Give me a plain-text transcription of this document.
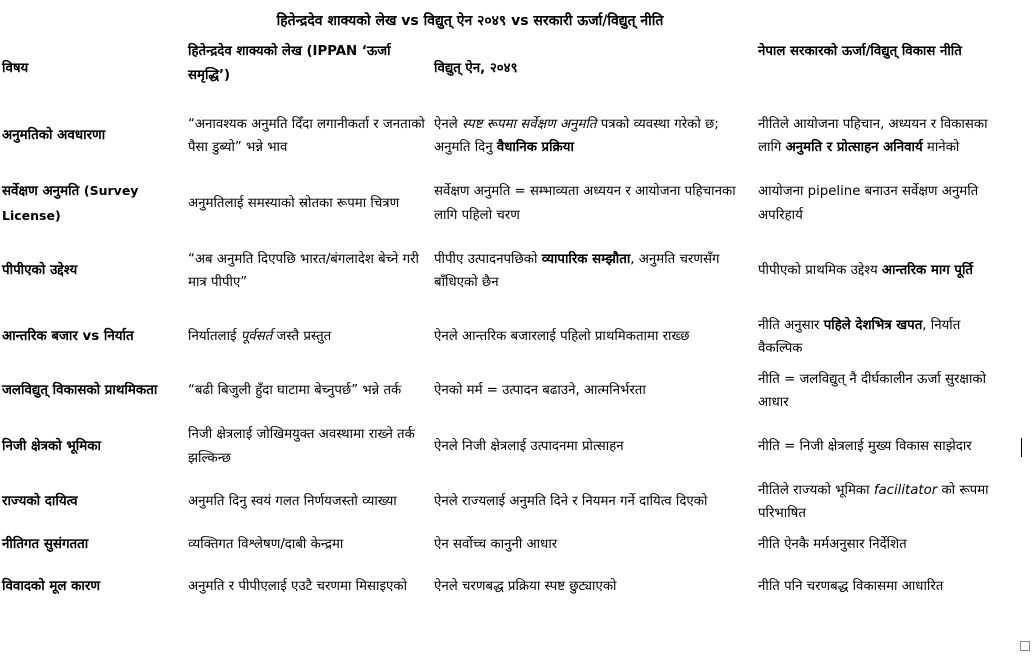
हितेन्द्रदेव शाक्यको लेख vs विद्युत् ऐन २०४९ vs सरकारी ऊर्जा/विद्युत् नीति
विषय	हितेन्द्रदेव शाक्यको लेख (IPPAN ‘ऊर्जा समृद्धि’)	विद्युत् ऐन, २०४९	नेपाल सरकारको ऊर्जा/विद्युत् विकास नीति
अनुमतिको अवधारणा	“अनावश्यक अनुमति दिँदा लगानीकर्ता र जनताको पैसा डुब्यो” भन्ने भाव	ऐनले स्पष्ट रूपमा सर्वेक्षण अनुमति पत्रको व्यवस्था गरेको छ; अनुमति दिनु वैधानिक प्रक्रिया	नीतिले आयोजना पहिचान, अध्ययन र विकासका लागि अनुमति र प्रोत्साहन अनिवार्य मानेको
सर्वेक्षण अनुमति (Survey License)	अनुमतिलाई समस्याको स्रोतका रूपमा चित्रण	सर्वेक्षण अनुमति = सम्भाव्यता अध्ययन र आयोजना पहिचानका लागि पहिलो चरण	आयोजना pipeline बनाउन सर्वेक्षण अनुमति अपरिहार्य
पीपीएको उद्देश्य	“अब अनुमति दिएपछि भारत/बंगलादेश बेच्ने गरी मात्र पीपीए”	पीपीए उत्पादनपछिको व्यापारिक सम्झौता, अनुमति चरणसँग बाँधिएको छैन	पीपीएको प्राथमिक उद्देश्य आन्तरिक माग पूर्ति
आन्तरिक बजार vs निर्यात	निर्यातलाई पूर्वसर्त जस्तै प्रस्तुत	ऐनले आन्तरिक बजारलाई पहिलो प्राथमिकतामा राख्छ	नीति अनुसार पहिले देशभित्र खपत, निर्यात वैकल्पिक
जलविद्युत् विकासको प्राथमिकता	“बढी बिजुली हुँदा घाटामा बेच्नुपर्छ” भन्ने तर्क	ऐनको मर्म = उत्पादन बढाउने, आत्मनिर्भरता	नीति = जलविद्युत् नै दीर्घकालीन ऊर्जा सुरक्षाको आधार
निजी क्षेत्रको भूमिका	निजी क्षेत्रलाई जोखिमयुक्त अवस्थामा राख्ने तर्क झल्किन्छ	ऐनले निजी क्षेत्रलाई उत्पादनमा प्रोत्साहन	नीति = निजी क्षेत्रलाई मुख्य विकास साझेदार
राज्यको दायित्व	अनुमति दिनु स्वयं गलत निर्णयजस्तो व्याख्या	ऐनले राज्यलाई अनुमति दिने र नियमन गर्ने दायित्व दिएको	नीतिले राज्यको भूमिका facilitator को रूपमा परिभाषित
नीतिगत सुसंगतता	व्यक्तिगत विश्लेषण/दाबी केन्द्रमा	ऐन सर्वोच्च कानुनी आधार	नीति ऐनकै मर्मअनुसार निर्देशित
विवादको मूल कारण	अनुमति र पीपीएलाई एउटै चरणमा मिसाइएको	ऐनले चरणबद्ध प्रक्रिया स्पष्ट छुट्याएको	नीति पनि चरणबद्ध विकासमा आधारित
